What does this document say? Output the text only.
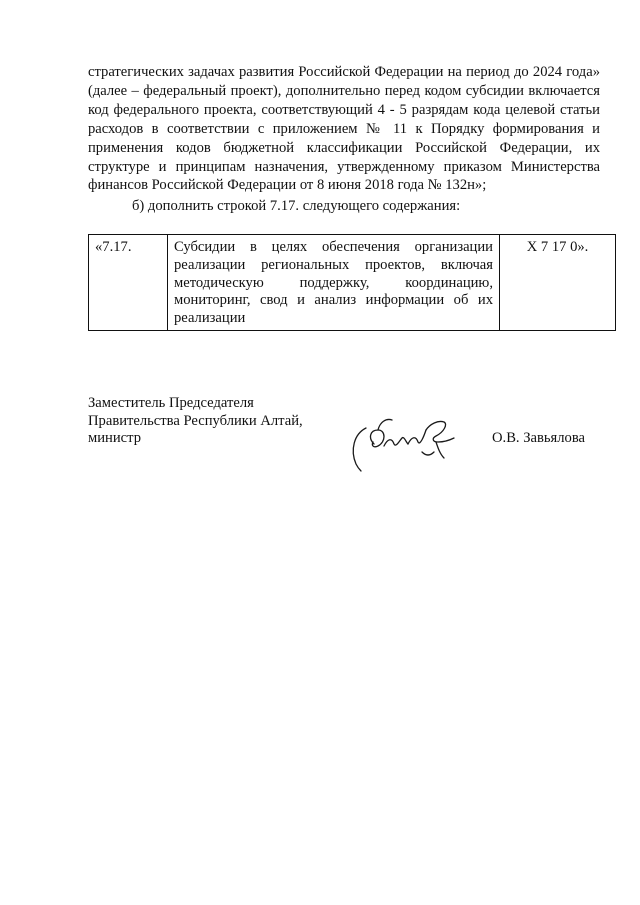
стратегических задачах развития Российской Федерации на период до 2024 года» (далее – федеральный проект), дополнительно перед кодом субсидии включается код федерального проекта, соответствующий 4 - 5 разрядам кода целевой статьи расходов в соответствии с приложением № 11 к Порядку формирования и применения кодов бюджетной классификации Российской Федерации, их структуре и принципам назначения, утвержденному приказом Министерства финансов Российской Федерации от 8 июня 2018 года № 132н»;

б) дополнить строкой 7.17. следующего содержания:

«7.17.	Субсидии в целях обеспечения организации реализации региональных проектов, включая методическую поддержку, координацию, мониторинг, свод и анализ информации об их реализации	Х 7 17 0».
Заместитель Председателя
Правительства Республики Алтай,
министр	О.В. Завьялова
